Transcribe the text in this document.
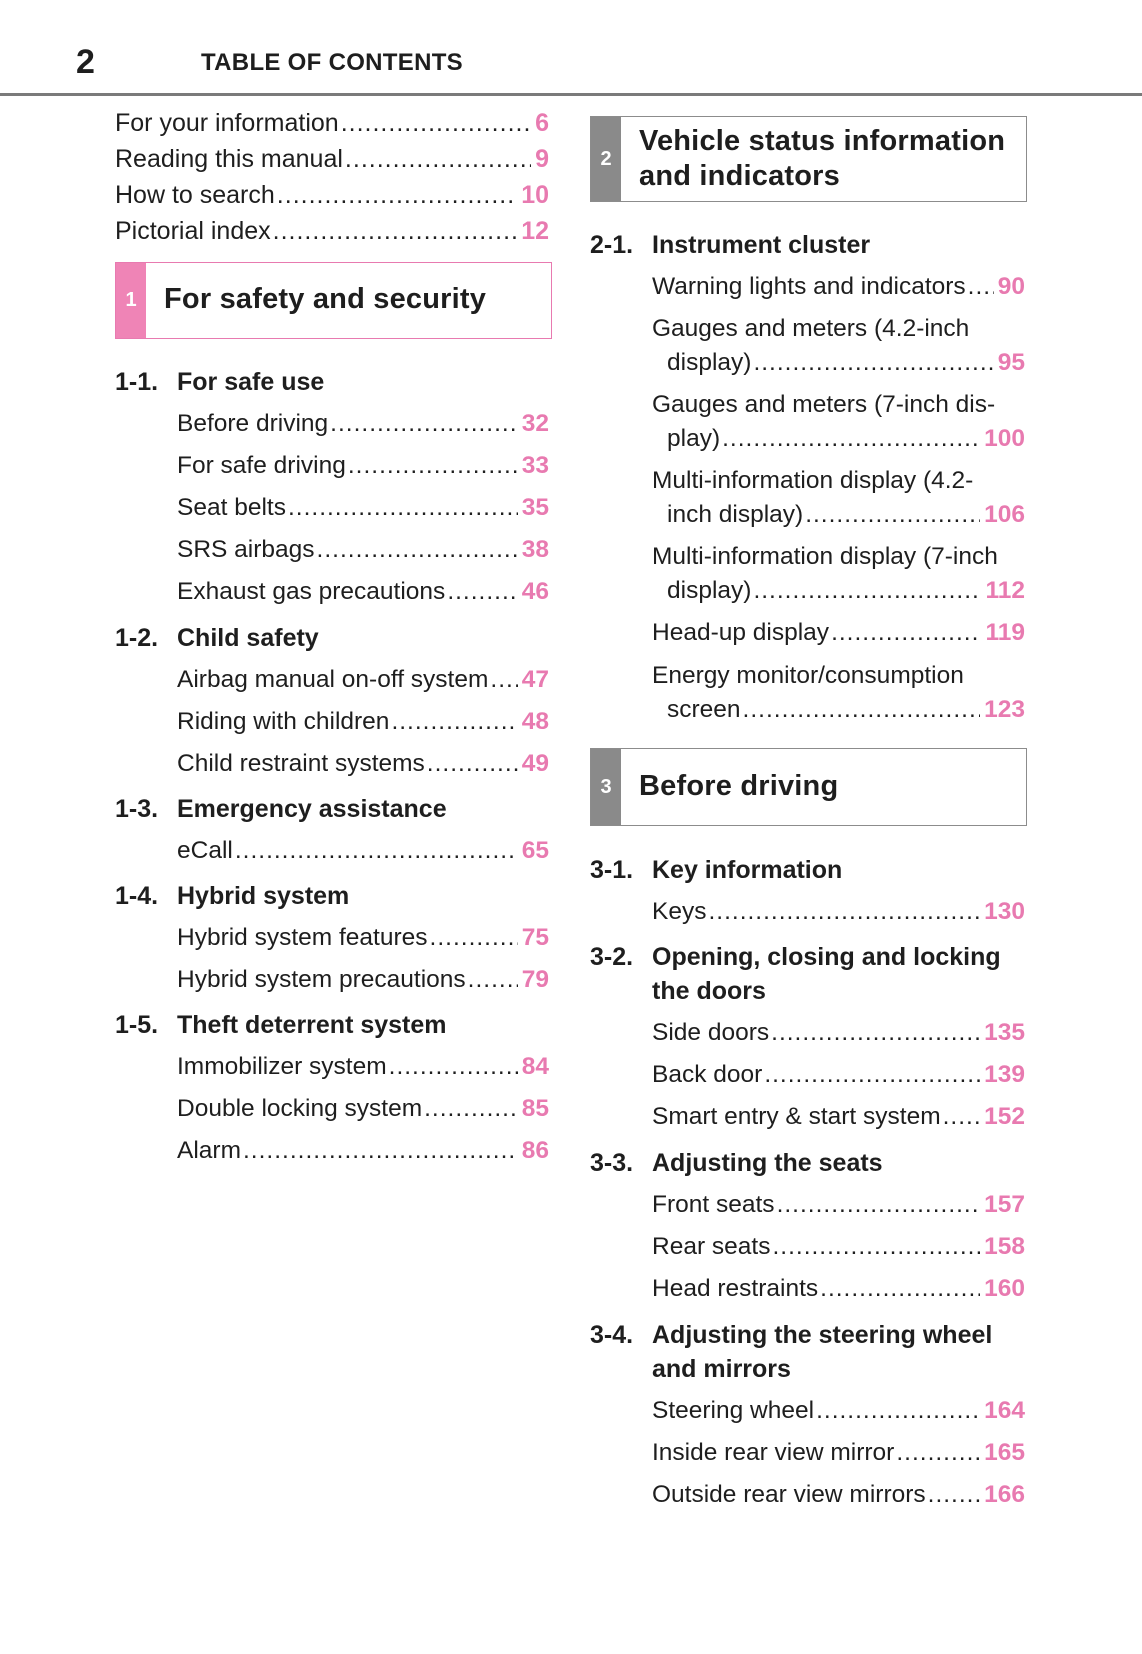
2	TABLE OF CONTENTS
For your information .....	6
Reading this manual .....	9
How to search .....	10
Pictorial index .....	12
1 For safety and security
1-1. For safe use
Before driving .....	32
For safe driving .....	33
Seat belts .....	35
SRS airbags .....	38
Exhaust gas precautions .....	46
1-2. Child safety
Airbag manual on-off system ..... 47
Riding with children .....	48
Child restraint systems .....	49
1-3. Emergency assistance
eCall .....	65
1-4. Hybrid system
Hybrid system features .....	75
Hybrid system precautions ..... 79
1-5. Theft deterrent system
Immobilizer system .....	84
Double locking system .....	85
Alarm .....	86
2
Vehicle status information
and indicators
2-1. Instrument cluster
Warning lights and indicators ..... 90
Gauges and meters (4.2-inch
display) .....	95
Gauges and meters (7-inch dis-
play) .....	100
Multi-information display (4.2-
inch display) .....	106
Multi-information display (7-inch
display) .....	112
Head-up display .....	119
Energy monitor/consumption
screen .....	123
3 Before driving
3-1. Key information
Keys .....	130
3-2. Opening, closing and locking
the doors
Side doors .....	135
Back door .....	139
Smart entry & start system ..... 152
3-3. Adjusting the seats
Front seats .....	157
Rear seats .....	158
Head restraints .....	160
3-4. Adjusting the steering wheel
and mirrors
Steering wheel .....	164
Inside rear view mirror .....	165
Outside rear view mirrors ..... 166
